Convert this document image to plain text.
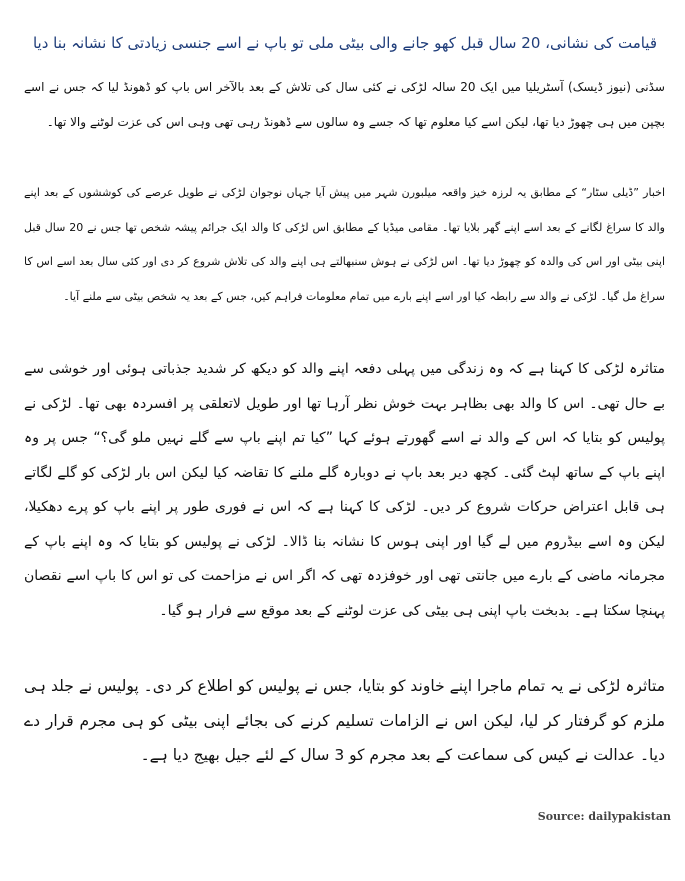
قیامت کی نشانی، 20 سال قبل کھو جانے والی بیٹی ملی تو باپ نے اسے جنسی زیادتی کا نشانہ بنا دیا
سڈنی (نیوز ڈیسک) آسٹریلیا میں ایک 20 سالہ لڑکی نے کئی سال کی تلاش کے بعد بالآخر اس باپ کو ڈھونڈ لیا کہ جس نے اسے بچپن میں ہی چھوڑ دیا تھا، لیکن اسے کیا معلوم تھا کہ جسے وہ سالوں سے ڈھونڈ رہی تھی وہی اس کی عزت لوٹنے والا تھا۔
اخبار ”ڈیلی سٹار“ کے مطابق یہ لرزہ خیز واقعہ میلبورن شہر میں پیش آیا جہاں نوجوان لڑکی نے طویل عرصے کی کوششوں کے بعد اپنے والد کا سراغ لگانے کے بعد اسے اپنے گھر بلایا تھا۔ مقامی میڈیا کے مطابق اس لڑکی کا والد ایک جرائم پیشہ شخص تھا جس نے 20 سال قبل اپنی بیٹی اور اس کی والدہ کو چھوڑ دیا تھا۔ اس لڑکی نے ہوش سنبھالتے ہی اپنے والد کی تلاش شروع کر دی اور کئی سال بعد اسے اس کا سراغ مل گیا۔ لڑکی نے والد سے رابطہ کیا اور اسے اپنے بارے میں تمام معلومات فراہم کیں، جس کے بعد یہ شخص بیٹی سے ملنے آیا۔
متاثرہ لڑکی کا کہنا ہے کہ وہ زندگی میں پہلی دفعہ اپنے والد کو دیکھ کر شدید جذباتی ہوئی اور خوشی سے بے حال تھی۔ اس کا والد بھی بظاہر بہت خوش نظر آرہا تھا اور طویل لاتعلقی پر افسردہ بھی تھا۔ لڑکی نے پولیس کو بتایا کہ اس کے والد نے اسے گھورتے ہوئے کہا ”کیا تم اپنے باپ سے گلے نہیں ملو گی؟“ جس پر وہ اپنے باپ کے ساتھ لپٹ گئی۔ کچھ دیر بعد باپ نے دوبارہ گلے ملنے کا تقاضہ کیا لیکن اس بار لڑکی کو گلے لگاتے ہی قابل اعتراض حرکات شروع کر دیں۔ لڑکی کا کہنا ہے کہ اس نے فوری طور پر اپنے باپ کو پرے دھکیلا، لیکن وہ اسے بیڈروم میں لے گیا اور اپنی ہوس کا نشانہ بنا ڈالا۔ لڑکی نے پولیس کو بتایا کہ وہ اپنے باپ کے مجرمانہ ماضی کے بارے میں جانتی تھی اور خوفزدہ تھی کہ اگر اس نے مزاحمت کی تو اس کا باپ اسے نقصان پہنچا سکتا ہے۔ بدبخت باپ اپنی ہی بیٹی کی عزت لوٹنے کے بعد موقع سے فرار ہو گیا۔
متاثرہ لڑکی نے یہ تمام ماجرا اپنے خاوند کو بتایا، جس نے پولیس کو اطلاع کر دی۔ پولیس نے جلد ہی ملزم کو گرفتار کر لیا، لیکن اس نے الزامات تسلیم کرنے کی بجائے اپنی بیٹی کو ہی مجرم قرار دے دیا۔ عدالت نے کیس کی سماعت کے بعد مجرم کو 3 سال کے لئے جیل بھیج دیا ہے۔
Source: dailypakistan
